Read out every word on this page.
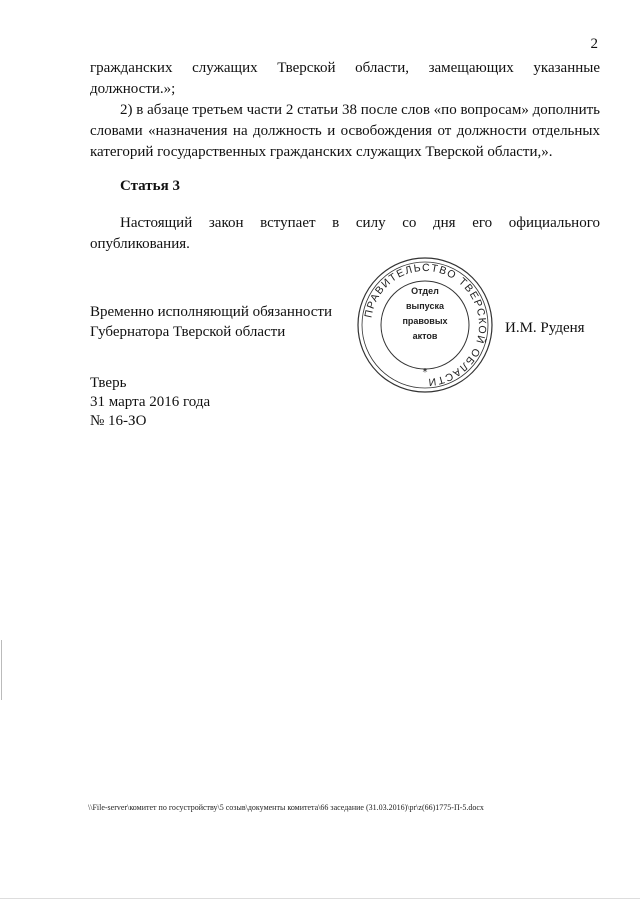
2

гражданских служащих Тверской области, замещающих указанные должности.»;

2) в абзаце третьем части 2 статьи 38 после слов «по вопросам» дополнить словами «назначения на должность и освобождения от должности отдельных категорий государственных гражданских служащих Тверской области,».

Статья 3

Настоящий закон вступает в силу со дня его официального опубликования.

Временно исполняющий обязанности
Губернатора Тверской области
ПРАВИТЕЛЬСТВО ТВЕРСКОЙ ОБЛАСТИ
*
Отдел
выпуска
правовых
актов	И.М. Руденя
Тверь
31 марта 2016 года
№ 16-ЗО
\\File-server\комитет по госустройству\5 созыв\документы комитета\66 заседание (31.03.2016)\pr\z(66)1775-П-5.docx
